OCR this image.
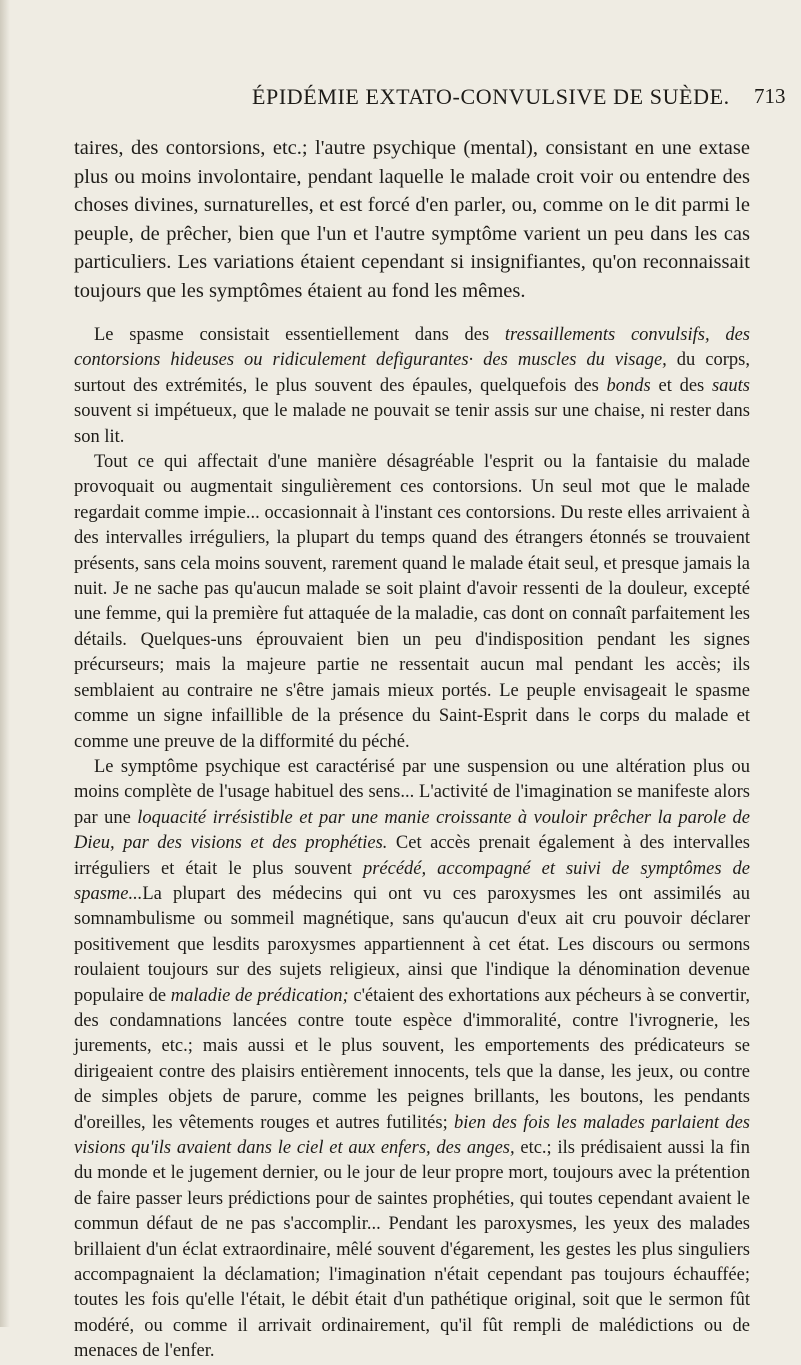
ÉPIDÉMIE EXTATO-CONVULSIVE DE SUÈDE. 713

taires, des contorsions, etc.; l'autre psychique (mental), consistant en une extase plus ou moins involontaire, pendant laquelle le malade croit voir ou entendre des choses divines, surnaturelles, et est forcé d'en parler, ou, comme on le dit parmi le peuple, de prêcher, bien que l'un et l'autre symptôme varient un peu dans les cas particuliers. Les variations étaient cependant si insignifiantes, qu'on reconnaissait toujours que les symptômes étaient au fond les mêmes.

Le spasme consistait essentiellement dans des tressaillements convulsifs, des contorsions hideuses ou ridiculement defigurantes· des muscles du visage, du corps, surtout des extrémités, le plus souvent des épaules, quelquefois des bonds et des sauts souvent si impétueux, que le malade ne pouvait se tenir assis sur une chaise, ni rester dans son lit.

Tout ce qui affectait d'une manière désagréable l'esprit ou la fantaisie du malade provoquait ou augmentait singulièrement ces contorsions. Un seul mot que le malade regardait comme impie... occasionnait à l'instant ces contorsions. Du reste elles arrivaient à des intervalles irréguliers, la plupart du temps quand des étrangers étonnés se trouvaient présents, sans cela moins souvent, rarement quand le malade était seul, et presque jamais la nuit. Je ne sache pas qu'aucun malade se soit plaint d'avoir ressenti de la douleur, excepté une femme, qui la première fut attaquée de la maladie, cas dont on connaît parfaitement les détails. Quelques-uns éprouvaient bien un peu d'indisposition pendant les signes précurseurs; mais la majeure partie ne ressentait aucun mal pendant les accès; ils semblaient au contraire ne s'être jamais mieux portés. Le peuple envisageait le spasme comme un signe infaillible de la présence du Saint-Esprit dans le corps du malade et comme une preuve de la difformité du péché.

Le symptôme psychique est caractérisé par une suspension ou une altération plus ou moins complète de l'usage habituel des sens... L'activité de l'imagination se manifeste alors par une loquacité irrésistible et par une manie croissante à vouloir prêcher la parole de Dieu, par des visions et des prophéties. Cet accès prenait également à des intervalles irréguliers et était le plus souvent précédé, accompagné et suivi de symptômes de spasme...La plupart des médecins qui ont vu ces paroxysmes les ont assimilés au somnambulisme ou sommeil magnétique, sans qu'aucun d'eux ait cru pouvoir déclarer positivement que lesdits paroxysmes appartiennent à cet état. Les discours ou sermons roulaient toujours sur des sujets religieux, ainsi que l'indique la dénomination devenue populaire de maladie de prédication; c'étaient des exhortations aux pécheurs à se convertir, des condamnations lancées contre toute espèce d'immoralité, contre l'ivrognerie, les jurements, etc.; mais aussi et le plus souvent, les emportements des prédicateurs se dirigeaient contre des plaisirs entièrement innocents, tels que la danse, les jeux, ou contre de simples objets de parure, comme les peignes brillants, les boutons, les pendants d'oreilles, les vêtements rouges et autres futilités; bien des fois les malades parlaient des visions qu'ils avaient dans le ciel et aux enfers, des anges, etc.; ils prédisaient aussi la fin du monde et le jugement dernier, ou le jour de leur propre mort, toujours avec la prétention de faire passer leurs prédictions pour de saintes prophéties, qui toutes cependant avaient le commun défaut de ne pas s'accomplir... Pendant les paroxysmes, les yeux des malades brillaient d'un éclat extraordinaire, mêlé souvent d'égarement, les gestes les plus singuliers accompagnaient la déclamation; l'imagination n'était cependant pas toujours échauffée; toutes les fois qu'elle l'était, le débit était d'un pathétique original, soit que le sermon fût modéré, ou comme il arrivait ordinairement, qu'il fût rempli de malédictions ou de menaces de l'enfer.
